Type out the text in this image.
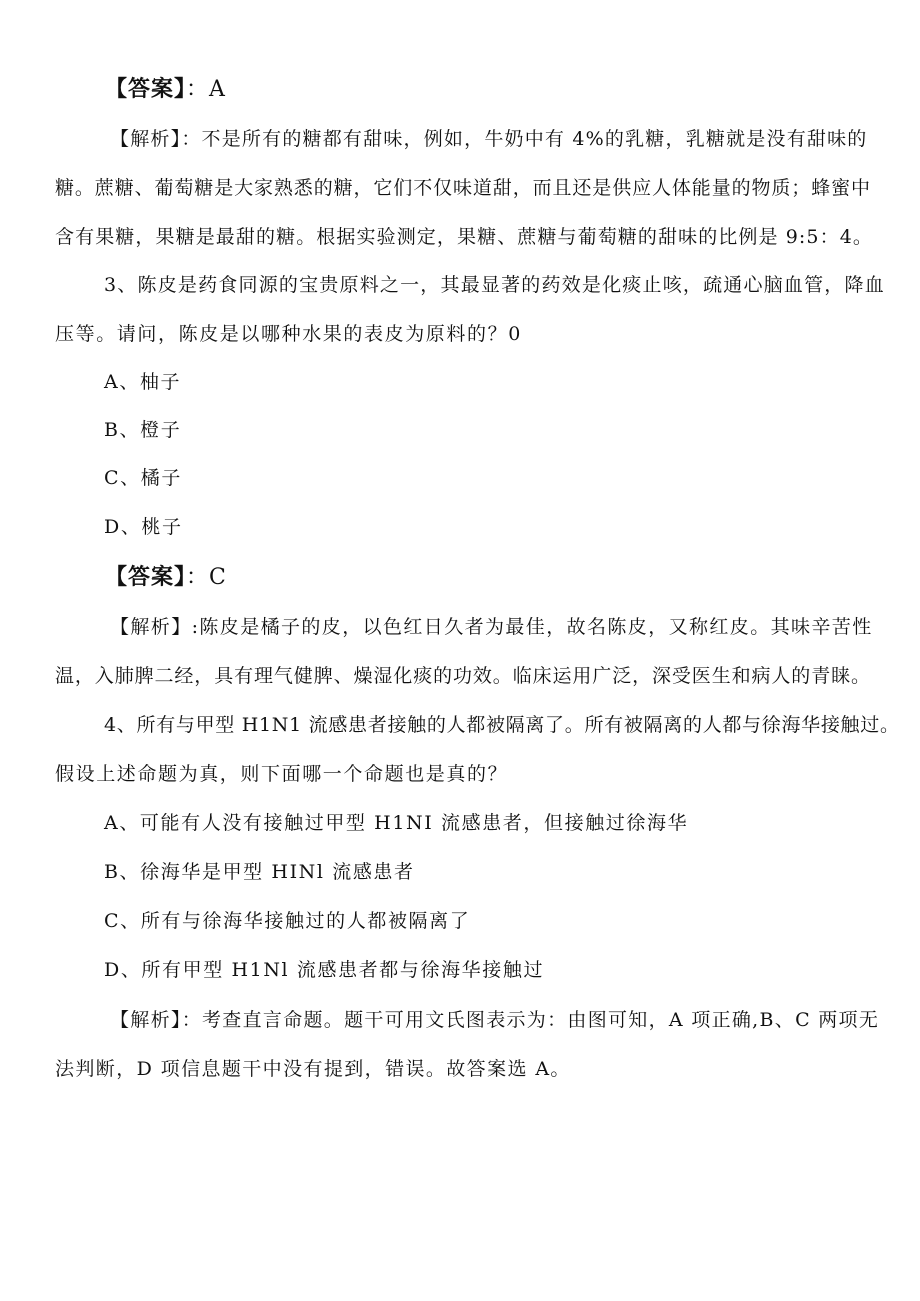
【答案】：A
【解析】：不是所有的糖都有甜味，例如，牛奶中有 4%的乳糖，乳糖就是没有甜味的
糖。蔗糖、葡萄糖是大家熟悉的糖，它们不仅味道甜，而且还是供应人体能量的物质；蜂蜜中
含有果糖，果糖是最甜的糖。根据实验测定，果糖、蔗糖与葡萄糖的甜味的比例是 9:5：4。
3、陈皮是药食同源的宝贵原料之一，其最显著的药效是化痰止咳，疏通心脑血管，降血
压等。请问，陈皮是以哪种水果的表皮为原料的？0
A、柚子
B、橙子
C、橘子
D、桃子
【答案】：C
【解析】:陈皮是橘子的皮，以色红日久者为最佳，故名陈皮，又称红皮。其味辛苦性
温，入肺脾二经，具有理气健脾、燥湿化痰的功效。临床运用广泛，深受医生和病人的青睐。
4、所有与甲型 H1N1 流感患者接触的人都被隔离了。所有被隔离的人都与徐海华接触过。
假设上述命题为真，则下面哪一个命题也是真的？
A、可能有人没有接触过甲型 H1NI 流感患者，但接触过徐海华
B、徐海华是甲型 HINl 流感患者
C、所有与徐海华接触过的人都被隔离了
D、所有甲型 H1Nl 流感患者都与徐海华接触过
【解析】：考查直言命题。题干可用文氏图表示为：由图可知，A 项正确,B、C 两项无
法判断，D 项信息题干中没有提到，错误。故答案选 A。
